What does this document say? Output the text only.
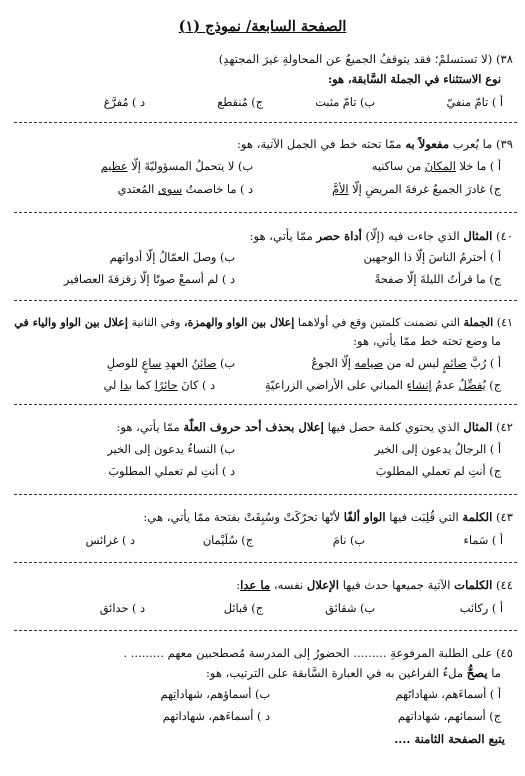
الصفحة السابعة/ نموذج (١)
٣٨) (لا تستسلمْ؛ فقد يتوقفُ الجميعُ عن المحاولةِ غيرَ المجتهدِ)
نوع الاستثناء في الجملة السَّابقة، هو:
أ ) تامّ منفيّ
ب) تامّ مثبت
ج) مُنقطع
د ) مُفرَّغ
٣٩) ما يُعرب مفعولاً به ممّا تحته خط في الجمل الآتية، هو:
أ ) ما خلا المكانَ من ساكنيه
ب) لا يتحملُ المسؤوليّةَ إلّا عظيم
ج) غادرَ الجميعُ غرفةَ المريضِ إلّا الأمَّ
د ) ما خاصمتُ سوى المُعتدي
٤٠) المثال الذي جاءت فيه (إلّا) أداة حصر ممّا يأتي، هو:
أ ) أحترمُ الناسَ إلّا ذا الوجهين
ب) وصلَ العمّالُ إلّا أدواتهم
ج) ما قرأتُ الليلةَ إلّا صفحةً
د ) لم أسمعْ صوتًا إلّا زقزقةَ العصافير
٤١) الجملة التي تضمنت كلمتين وقع في أولاهما إعلال بين الواو والهمزة، وفي الثانية إعلال بين الواو والياء في
ما وضع تحته خط ممّا يأتي، هو:
أ ) رُبَّ صائمٍ ليس له من صيامه إلّا الجوعُ
ب) صائنُ العهدِ ساعٍ للوصلِ
ج) يُفضِّلُ عدمُ إنشاءِ المباني على الأراضي الزراعيّةِ
د ) كانَ حائرًا كما بدا لي
٤٢) المثال الذي يحتوي كلمة حصل فيها إعلال بحذف أحد حروف العلّة ممّا يأتي، هو:
أ ) الرجالُ يدعون إلى الخير
ب) النساءُ يدعون إلى الخير
ج) أنتِ لم تعملي المطلوبَ
د ) أنتِ لم تعملي المطلوبَ
٤٣) الكلمة التي قُلِبَت فيها الواو ألفًا لأنّها تحرّكَتْ وسُبِقَتْ بفتحة ممّا يأتي، هي:
أ ) سَماء
ب) نامَ
ج) سُلَيْمان
د ) غرائس
٤٤) الكلمات الآتية جميعها حدث فيها الإعلال نفسه، ما عدا:
أ ) ركائب
ب) شقائق
ج) قبائل
د ) حدائق
٤٥) على الطلبة المرفوعةِ ......... الحضورُ إلى المدرسة مُصطحبين معهم ......... .
ما يصحُّ ملءُ الفراغين به في العبارة السَّابقة على الترتيب، هو:
أ ) أسماءَهم، شهاداتَهم
ب) أسماؤهم، شهاداتِهم
ج) أسمائهم، شهاداتهم
د ) أسماءَهم، شهاداتهم
يتبع الصفحة الثامنة ....
